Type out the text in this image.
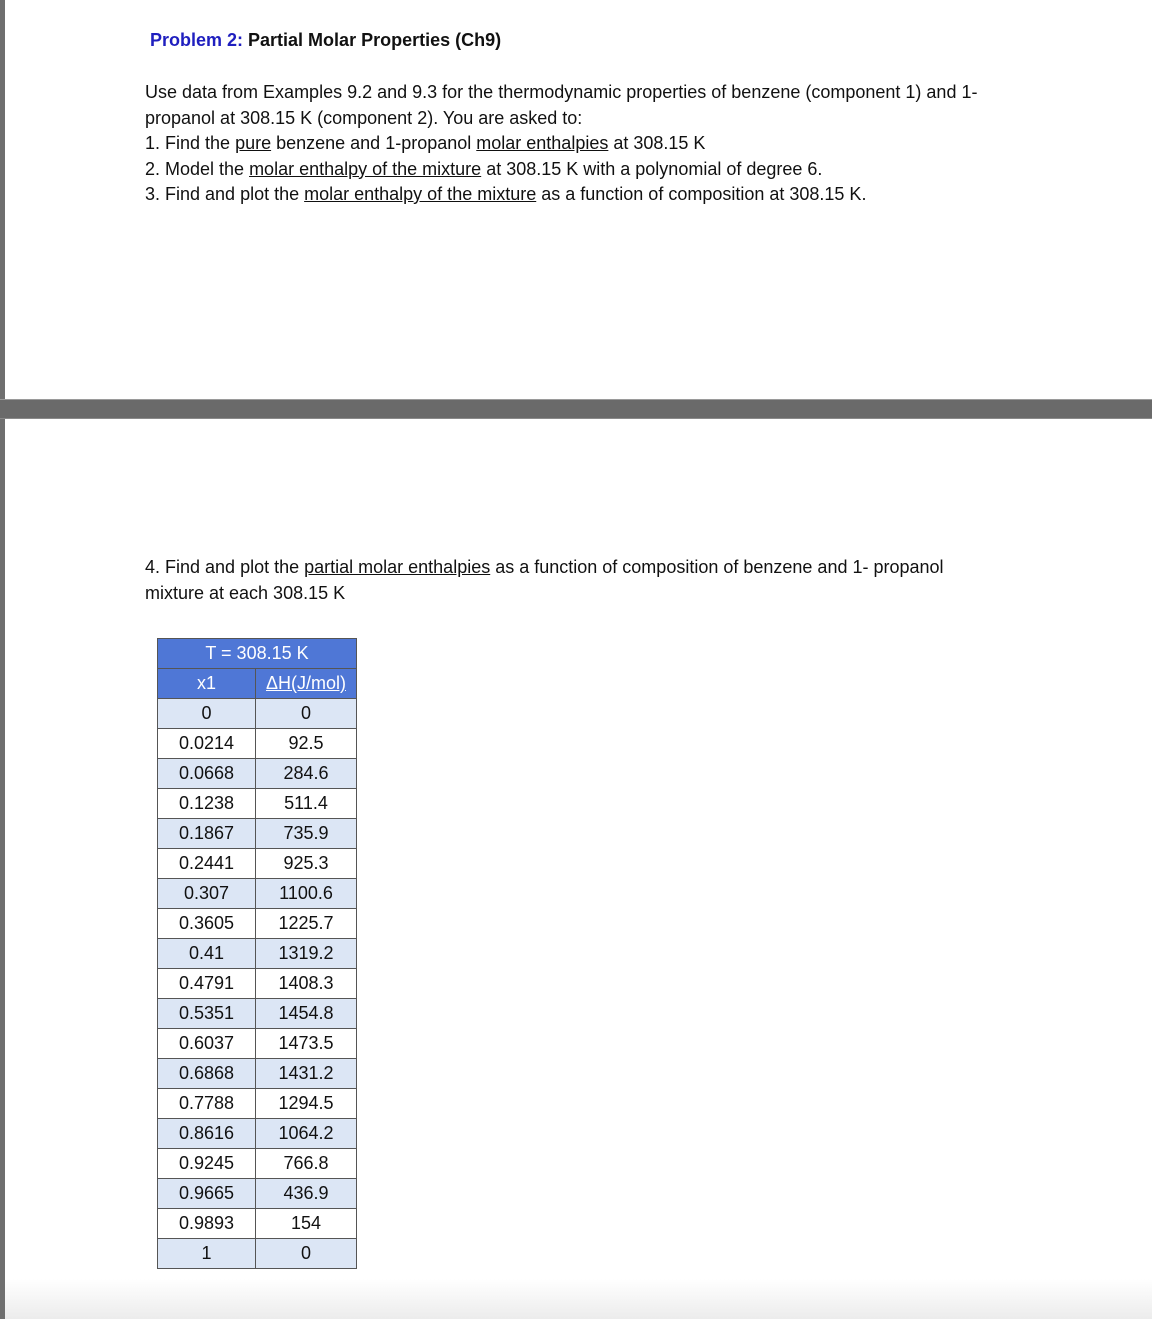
Problem 2: Partial Molar Properties (Ch9)
Use data from Examples 9.2 and 9.3 for the thermodynamic properties of benzene (component 1) and 1-
propanol at 308.15 K (component 2). You are asked to:
1. Find the pure benzene and 1-propanol molar enthalpies at 308.15 K
2. Model the molar enthalpy of the mixture at 308.15 K with a polynomial of degree 6.
3. Find and plot the molar enthalpy of the mixture as a function of composition at 308.15 K.
4. Find and plot the partial molar enthalpies as a function of composition of benzene and 1- propanol
mixture at each 308.15 K
T = 308.15 K	
x1	ΔH(J/mol)
0	0
0.0214	92.5
0.0668	284.6
0.1238	511.4
0.1867	735.9
0.2441	925.3
0.307	1100.6
0.3605	1225.7
0.41	1319.2
0.4791	1408.3
0.5351	1454.8
0.6037	1473.5
0.6868	1431.2
0.7788	1294.5
0.8616	1064.2
0.9245	766.8
0.9665	436.9
0.9893	154
1	0
